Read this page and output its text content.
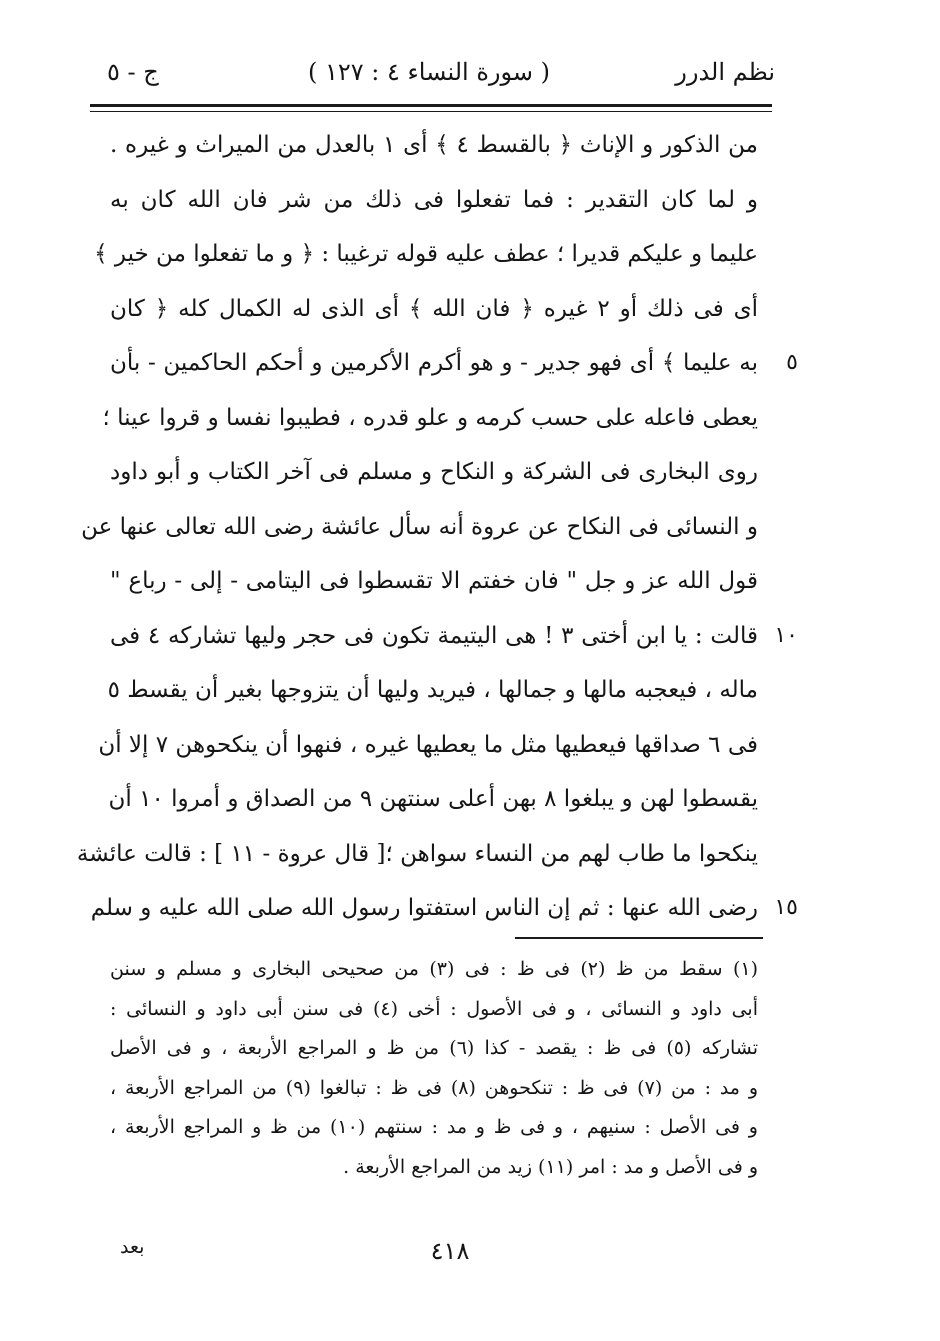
نظم الدرر
( سورة النساء ٤ : ١٢٧ )
ج - ٥
من الذكور و الإناث ﴿ بالقسط ٤ ﴾ أى ١ بالعدل من الميراث و غيره .
و لما كان التقدير : فما تفعلوا فى ذلك من شر فان الله كان به
عليما و عليكم قديرا ؛ عطف عليه قوله ترغيبا : ﴿ و ما تفعلوا من خير ﴾
أى فى ذلك أو ٢ غيره ﴿ فان الله ﴾ أى الذى له الكمال كله ﴿ كان
به عليما ﴾ أى فهو جدير - و هو أكرم الأكرمين و أحكم الحاكمين - بأن ٥
يعطى فاعله على حسب كرمه و علو قدره ، فطيبوا نفسا و قروا عينا ؛
روى البخارى فى الشركة و النكاح و مسلم فى آخر الكتاب و أبو داود
و النسائى فى النكاح عن عروة أنه سأل عائشة رضى الله تعالى عنها عن
قول الله عز و جل " فان خفتم الا تقسطوا فى اليتامى - إلى - رباع "
قالت : يا ابن أختى ٣ ! هى اليتيمة تكون فى حجر وليها تشاركه ٤ فى ١٠
ماله ، فيعجبه مالها و جمالها ، فيريد وليها أن يتزوجها بغير أن يقسط ٥
فى ٦ صداقها فيعطيها مثل ما يعطيها غيره ، فنهوا أن ينكحوهن ٧ إلا أن
يقسطوا لهن و يبلغوا ٨ بهن أعلى سنتهن ٩ من الصداق و أمروا ١٠ أن
ينكحوا ما طاب لهم من النساء سواهن ؛[ قال عروة - ١١ ] : قالت عائشة
رضى الله عنها : ثم إن الناس استفتوا رسول الله صلى الله عليه و سلم ١٥
(١) سقط من ظ (٢) فى ظ : فى (٣) من صحيحى البخارى و مسلم و سنن
أبى داود و النسائى ، و فى الأصول : أخى (٤) فى سنن أبى داود و النسائى :
تشاركه (٥) فى ظ : يقصد - كذا (٦) من ظ و المراجع الأربعة ، و فى الأصل
و مد : من (٧) فى ظ : تنكحوهن (٨) فى ظ : تبالغوا (٩) من المراجع الأربعة ،
و فى الأصل : سنيهم ، و فى ظ و مد : سنتهم (١٠) من ظ و المراجع الأربعة ،
و فى الأصل و مد : امر (١١) زيد من المراجع الأربعة .
بعد	٤١٨
